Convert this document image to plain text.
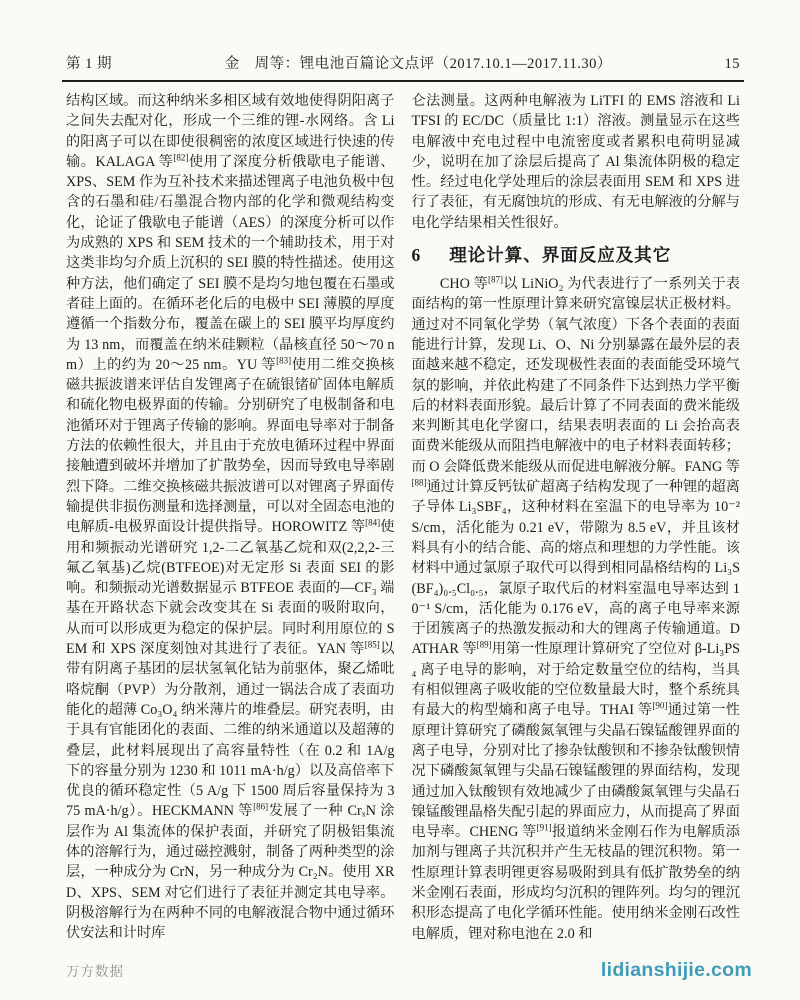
第 1 期	金　周等：锂电池百篇论文点评（2017.10.1—2017.11.30）	15

结构区域。而这种纳米多相区域有效地使得阴阳离子之间失去配对化，形成一个三维的锂-水网络。含 Li 的阳离子可以在即使很稠密的浓度区域进行快速的传输。KALAGA 等[82]使用了深度分析俄歇电子能谱、XPS、SEM 作为互补技术来描述锂离子电池负极中包含的石墨和硅/石墨混合物内部的化学和微观结构变化，论证了俄歇电子能谱（AES）的深度分析可以作为成熟的 XPS 和 SEM 技术的一个辅助技术，用于对这类非均匀介质上沉积的 SEI 膜的特性描述。使用这种方法，他们确定了 SEI 膜不是均匀地包覆在石墨或者硅上面的。在循环老化后的电极中 SEI 薄膜的厚度遵循一个指数分布，覆盖在碳上的 SEI 膜平均厚度约为 13 nm，而覆盖在纳米硅颗粒（晶核直径 50～70 nm）上的约为 20～25 nm。YU 等[83]使用二维交换核磁共振波谱来评估自发锂离子在硫银锗矿固体电解质和硫化物电极界面的传输。分别研究了电极制备和电池循环对于锂离子传输的影响。界面电导率对于制备方法的依赖性很大，并且由于充放电循环过程中界面接触遭到破坏并增加了扩散势垒，因而导致电导率剧烈下降。二维交换核磁共振波谱可以对锂离子界面传输提供非损伤测量和选择测量，可以对全固态电池的电解质-电极界面设计提供指导。HOROWITZ 等[84]使用和频振动光谱研究 1,2-二乙氧基乙烷和双(2,2,2-三氟乙氧基)乙烷(BTFEOE)对无定形 Si 表面 SEI 的影响。和频振动光谱数据显示 BTFEOE 表面的—CF₃ 端基在开路状态下就会改变其在 Si 表面的吸附取向，从而可以形成更为稳定的保护层。同时利用原位的 SEM 和 XPS 深度刻蚀对其进行了表征。YAN 等[85]以带有阴离子基团的层状氢氧化钴为前驱体，聚乙烯吡咯烷酮（PVP）为分散剂，通过一锅法合成了表面功能化的超薄 Co₃O₄ 纳米薄片的堆叠层。研究表明，由于具有官能团化的表面、二维的纳米通道以及超薄的叠层，此材料展现出了高容量特性（在 0.2 和 1A/g 下的容量分别为 1230 和 1011 mA·h/g）以及高倍率下优良的循环稳定性（5 A/g 下 1500 周后容量保持为 375 mA·h/g）。HECKMANN 等[86]发展了一种 CrₓN 涂层作为 Al 集流体的保护表面，并研究了阴极铝集流体的溶解行为，通过磁控溅射，制备了两种类型的涂层，一种成分为 CrN，另一种成分为 Cr₂N。使用 XRD、XPS、SEM 对它们进行了表征并测定其电导率。阴极溶解行为在两种不同的电解液混合物中通过循环伏安法和计时库

仑法测量。这两种电解液为 LiTFI 的 EMS 溶液和 LiTFSI 的 EC/DC（质量比 1:1）溶液。测量显示在这些电解液中充电过程中电流密度或者累积电荷明显减少，说明在加了涂层后提高了 Al 集流体阴极的稳定性。经过电化学处理后的涂层表面用 SEM 和 XPS 进行了表征，有无腐蚀坑的形成、有无电解液的分解与电化学结果相关性很好。

6 理论计算、界面反应及其它

CHO 等[87]以 LiNiO₂ 为代表进行了一系列关于表面结构的第一性原理计算来研究富镍层状正极材料。通过对不同氧化学势（氧气浓度）下各个表面的表面能进行计算，发现 Li、O、Ni 分别暴露在最外层的表面越来越不稳定，还发现极性表面的表面能受环境气氛的影响，并依此构建了不同条件下达到热力学平衡后的材料表面形貌。最后计算了不同表面的费米能级来判断其电化学窗口，结果表明表面的 Li 会抬高表面费米能级从而阻挡电解液中的电子材料表面转移；而 O 会降低费米能级从而促进电解液分解。FANG 等[88]通过计算反钙钛矿超离子结构发现了一种锂的超离子导体 Li₃SBF₄，这种材料在室温下的电导率为 10⁻² S/cm，活化能为 0.21 eV，带隙为 8.5 eV，并且该材料具有小的结合能、高的熔点和理想的力学性能。该材料中通过氯原子取代可以得到相同晶格结构的 Li₃S(BF₄)₀.₅Cl₀.₅，氯原子取代后的材料室温电导率达到 10⁻¹ S/cm，活化能为 0.176 eV，高的离子电导率来源于团簇离子的热激发振动和大的锂离子传输通道。DATHAR 等[89]用第一性原理计算研究了空位对 β-Li₃PS₄ 离子电导的影响，对于给定数量空位的结构，当具有相似锂离子吸收能的空位数量最大时，整个系统具有最大的构型熵和离子电导。THAI 等[90]通过第一性原理计算研究了磷酸氮氧锂与尖晶石镍锰酸锂界面的离子电导，分别对比了掺杂钛酸钡和不掺杂钛酸钡情况下磷酸氮氧锂与尖晶石镍锰酸锂的界面结构，发现通过加入钛酸钡有效地减少了由磷酸氮氧锂与尖晶石镍锰酸锂晶格失配引起的界面应力，从而提高了界面电导率。CHENG 等[91]报道纳米金刚石作为电解质添加剂与锂离子共沉积并产生无枝晶的锂沉积物。第一性原理计算表明锂更容易吸附到具有低扩散势垒的纳米金刚石表面，形成均匀沉积的锂阵列。均匀的锂沉积形态提高了电化学循环性能。使用纳米金刚石改性电解质，锂对称电池在 2.0 和

万方数据	lidianshijie.com
